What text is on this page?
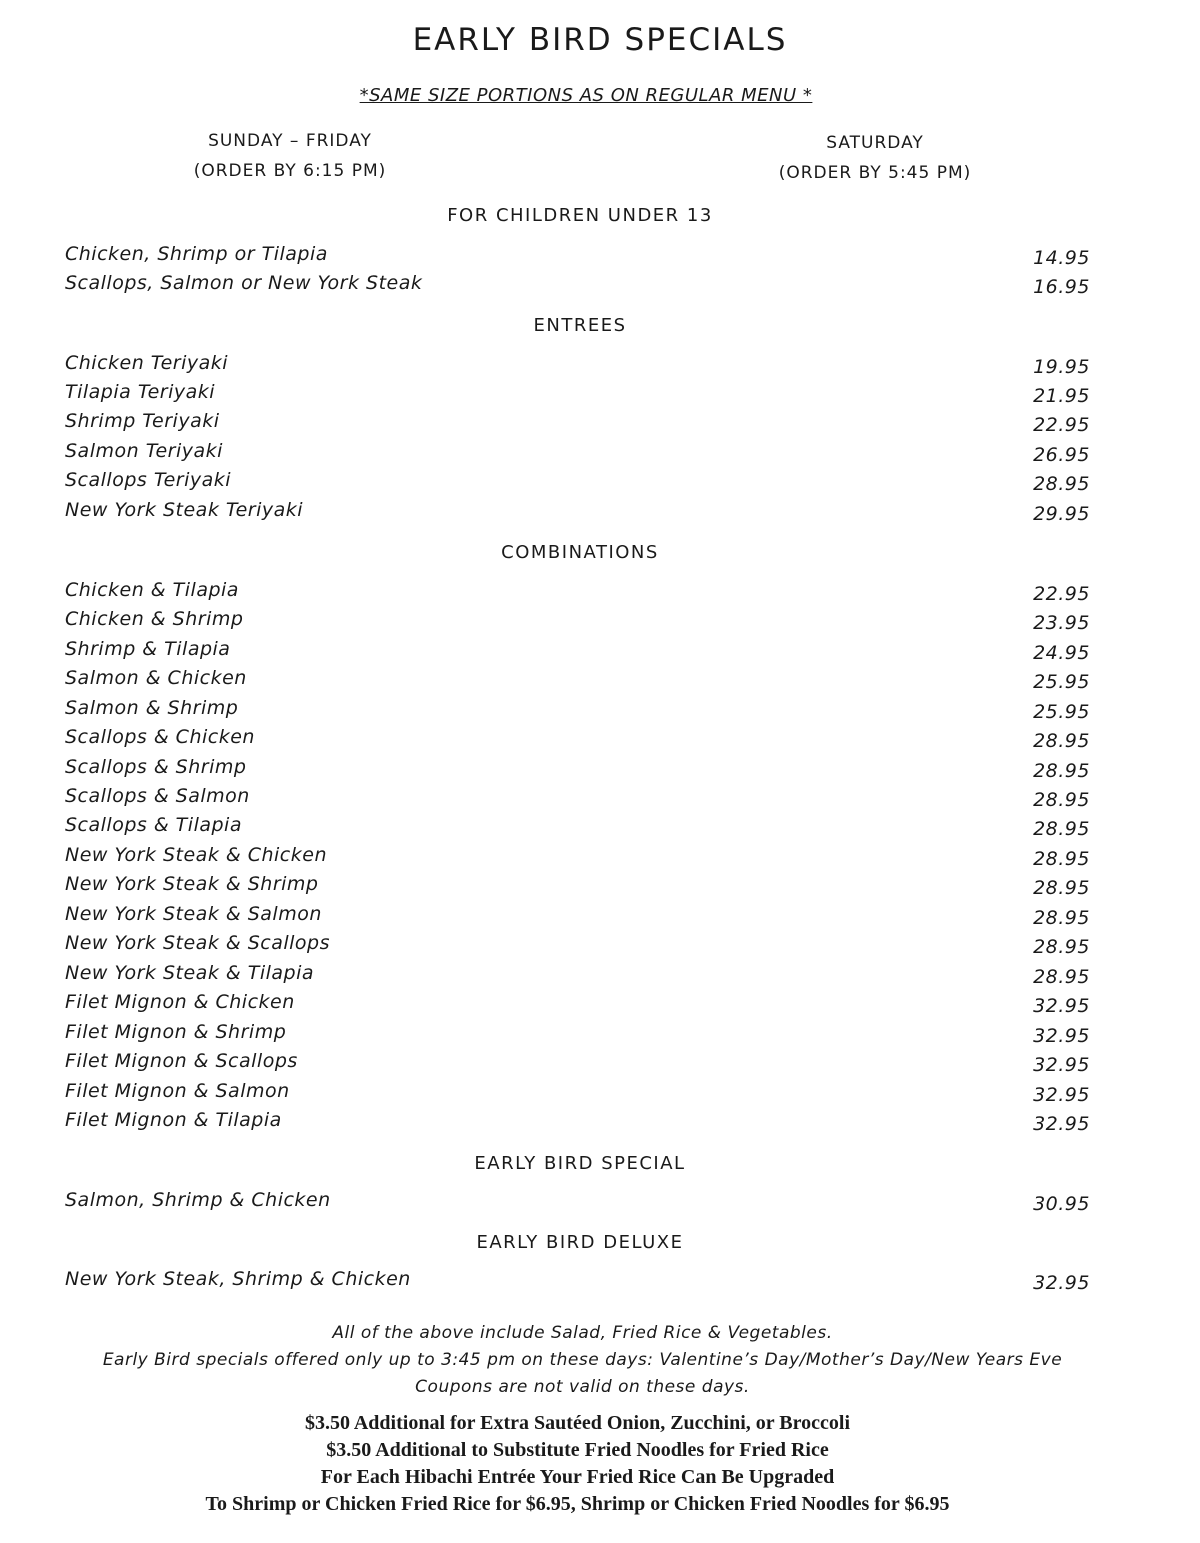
EARLY BIRD SPECIALS
*SAME SIZE PORTIONS AS ON REGULAR MENU *
SUNDAY – FRIDAY
(ORDER BY 6:15 PM)
SATURDAY
(ORDER BY 5:45 PM)
FOR CHILDREN UNDER 13
Chicken, Shrimp or Tilapia	14.95
Scallops, Salmon or New York Steak	16.95
ENTREES
Chicken Teriyaki	19.95
Tilapia Teriyaki	21.95
Shrimp Teriyaki	22.95
Salmon Teriyaki	26.95
Scallops Teriyaki	28.95
New York Steak Teriyaki	29.95
COMBINATIONS
Chicken & Tilapia	22.95
Chicken & Shrimp	23.95
Shrimp & Tilapia	24.95
Salmon & Chicken	25.95
Salmon & Shrimp	25.95
Scallops & Chicken	28.95
Scallops & Shrimp	28.95
Scallops & Salmon	28.95
Scallops & Tilapia	28.95
New York Steak & Chicken	28.95
New York Steak & Shrimp	28.95
New York Steak & Salmon	28.95
New York Steak & Scallops	28.95
New York Steak & Tilapia	28.95
Filet Mignon & Chicken	32.95
Filet Mignon & Shrimp	32.95
Filet Mignon & Scallops	32.95
Filet Mignon & Salmon	32.95
Filet Mignon & Tilapia	32.95
EARLY BIRD SPECIAL
Salmon, Shrimp & Chicken	30.95
EARLY BIRD DELUXE
New York Steak, Shrimp & Chicken	32.95
All of the above include Salad, Fried Rice & Vegetables.
Early Bird specials offered only up to 3:45 pm on these days: Valentine’s Day/Mother’s Day/New Years Eve
Coupons are not valid on these days.
$3.50 Additional for Extra Sautéed Onion, Zucchini, or Broccoli
$3.50 Additional to Substitute Fried Noodles for Fried Rice
For Each Hibachi Entrée Your Fried Rice Can Be Upgraded
To Shrimp or Chicken Fried Rice for $6.95, Shrimp or Chicken Fried Noodles for $6.95
